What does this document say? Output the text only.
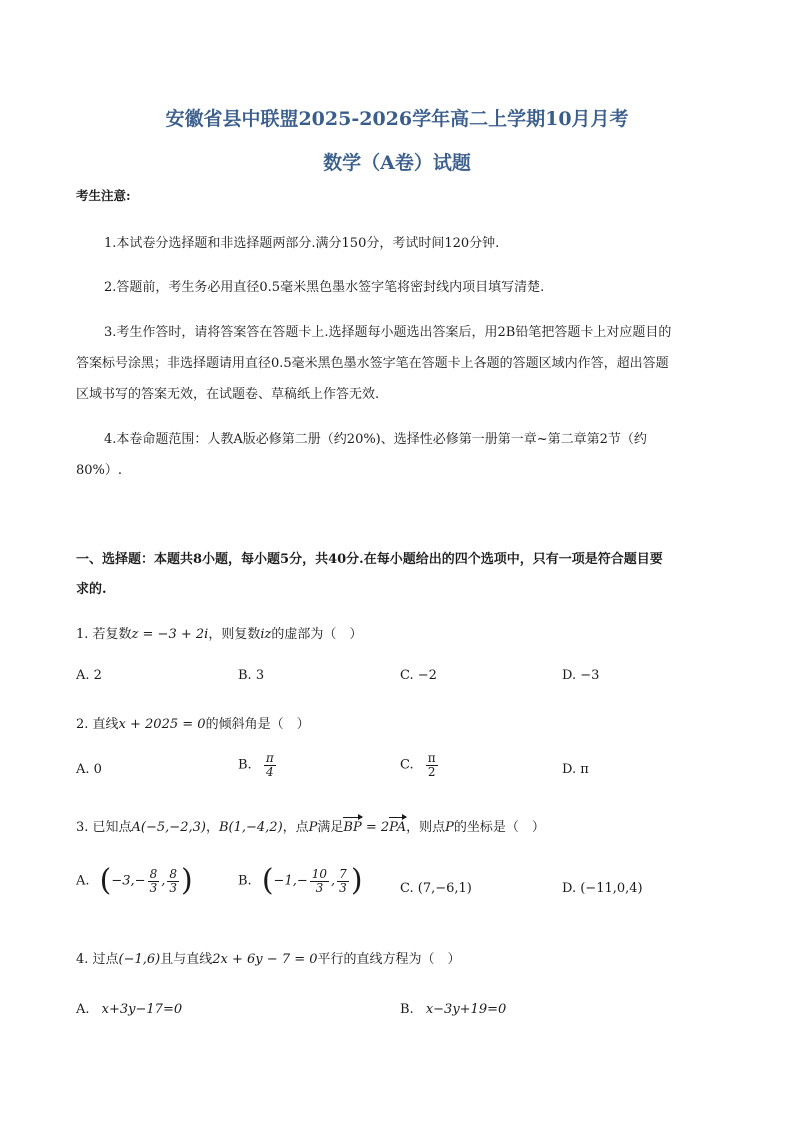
安徽省县中联盟2025-2026学年高二上学期10月月考
数学（A卷）试题
考生注意:
1.本试卷分选择题和非选择题两部分.满分150分，考试时间120分钟.
2.答题前，考生务必用直径0.5毫米黑色墨水签字笔将密封线内项目填写清楚.
3.考生作答时，请将答案答在答题卡上.选择题每小题选出答案后，用2B铅笔把答题卡上对应题目的
答案标号涂黑；非选择题请用直径0.5毫米黑色墨水签字笔在答题卡上各题的答题区域内作答，超出答题
区域书写的答案无效，在试题卷、草稿纸上作答无效.
4.本卷命题范围：人教A版必修第二册（约20%)、选择性必修第一册第一章~第二章第2节（约
80%）.
一、选择题：本题共8小题，每小题5分，共40分.在每小题给出的四个选项中，只有一项是符合题目要
求的.
1. 若复数z = −3 + 2i，则复数iz的虚部为（　）
A. 2	B. 3	C. −2	D. −3
2. 直线x + 2025 = 0的倾斜角是（　）
A. 0	B. $\frac{\pi}{4}$	C. $\frac{\pi}{2}$	D. π
3. 已知点A(−5,−2,3)，B(1,−4,2)，点P满足BP = 2PA，则点P的坐标是（　）
A. ($-3,- \frac{8}{3}$ , $\frac{8}{3}$ )	B. ($-1,- \frac{10}{3}$ , $\frac{7}{3}$ )	C. (7,−6,1)	D. (−11,0,4)
4. 过点(−1,6)且与直线2x + 6y − 7 = 0平行的直线方程为（　）
A. x+3y−17=0	B. x−3y+19=0
